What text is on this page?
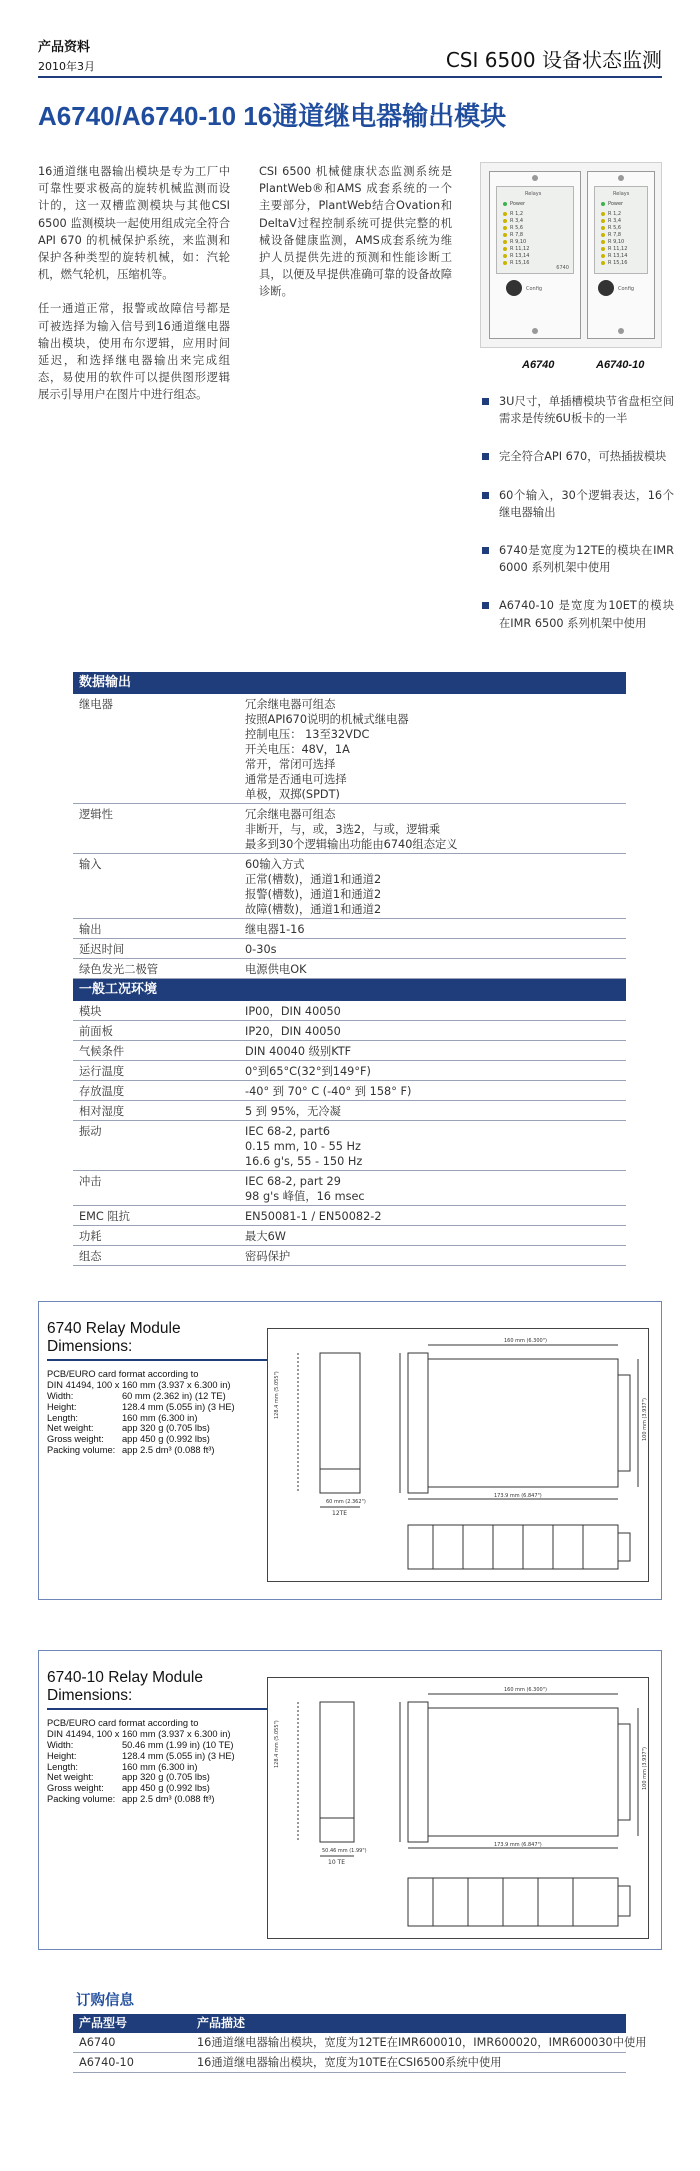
产品资料
2010年3月	CSI 6500 设备状态监测
A6740/A6740-10 16通道继电器输出模块

16通道继电器输出模块是专为工厂中可靠性要求极高的旋转机械监测而设计的，这一双槽监测模块与其他CSI 6500 监测模块一起使用组成完全符合API 670 的机械保护系统，来监测和保护各种类型的旋转机械，如：汽轮机，燃气轮机，压缩机等。

任一通道正常，报警或故障信号都是可被选择为输入信号到16通道继电器输出模块，使用布尔逻辑，应用时间延迟，和选择继电器输出来完成组态，易使用的软件可以提供图形逻辑展示引导用户在图片中进行组态。

CSI 6500 机械健康状态监测系统是PlantWeb®和AMS 成套系统的一个主要部分，PlantWeb结合Ovation和DeltaV过程控制系统可提供完整的机械设备健康监测，AMS成套系统为维护人员提供先进的预测和性能诊断工具，以便及早提供准确可靠的设备故障诊断。

Relays
Power
R 1,2
R 3,4
R 5,6
R 7,8
R 9,10
R 11,12
R 13,14
R 15,16
6740
Config
Relays
Power
R 1,2
R 3,4
R 5,6
R 7,8
R 9,10
R 11,12
R 13,14
R 15,16
Config
A6740	A6740-10
3U尺寸，单插槽模块节省盘柜空间需求是传统6U板卡的一半
完全符合API 670，可热插拔模块
60个输入，30个逻辑表达，16个继电器输出
6740是宽度为12TE的模块在IMR 6000 系列机架中使用
A6740-10 是宽度为10ET的模块在IMR 6500 系列机架中使用
数据输出
继电器	冗余继电器可组态
按照API670说明的机械式继电器
控制电压： 13至32VDC
开关电压：48V，1A
常开，常闭可选择
通常是否通电可选择
单极，双掷(SPDT)
逻辑性	冗余继电器可组态
非断开，与，或，3选2，与或，逻辑乘
最多到30个逻辑输出功能由6740组态定义
输入	60输入方式
正常(槽数)，通道1和通道2
报警(槽数)，通道1和通道2
故障(槽数)，通道1和通道2
输出	继电器1-16
延迟时间	0-30s
绿色发光二极管	电源供电OK
一般工况环境
模块	IP00，DIN 40050
前面板	IP20，DIN 40050
气候条件	DIN 40040 级别KTF
运行温度	0°到65°C(32°到149°F)
存放温度	-40° 到 70° C (-40° 到 158° F)
相对湿度	5 到 95%，无冷凝
振动	IEC 68-2, part6
0.15 mm, 10 - 55 Hz
16.6 g's, 55 - 150 Hz
冲击	IEC 68-2, part 29
98 g's 峰值，16 msec
EMC 阻抗	EN50081-1 / EN50082-2
功耗	最大6W
组态	密码保护
6740 Relay Module
Dimensions:
PCB/EURO card format according to
DIN 41494, 100 x 160 mm (3.937 x 6.300 in)
Width:	60 mm (2.362 in) (12 TE)
Height:	128.4 mm (5.055 in) (3 HE)
Length:	160 mm (6.300 in)
Net weight:	app 320 g (0.705 lbs)
Gross weight:	app 450 g (0.992 lbs)
Packing volume: app 2.5 dm³ (0.088 ft³)
60 mm (2.362")
12TE
128.4 mm (5.055")
160 mm (6.300")
173.9 mm (6.847")
100 mm (3.937")
6740-10 Relay Module
Dimensions:
PCB/EURO card format according to
DIN 41494, 100 x 160 mm (3.937 x 6.300 in)
Width:	50.46 mm (1.99 in) (10 TE)
Height:	128.4 mm (5.055 in) (3 HE)
Length:	160 mm (6.300 in)
Net weight:	app 320 g (0.705 lbs)
Gross weight:	app 450 g (0.992 lbs)
Packing volume: app 2.5 dm³ (0.088 ft³)
50.46 mm (1.99")
10 TE
128.4 mm (5.055")
160 mm (6.300")
173.9 mm (6.847")
100 mm (3.937")
订购信息
产品型号	产品描述
A6740	16通道继电器输出模块，宽度为12TE在IMR600010，IMR600020，IMR600030中使用
A6740-10	16通道继电器输出模块，宽度为10TE在CSI6500系统中使用
